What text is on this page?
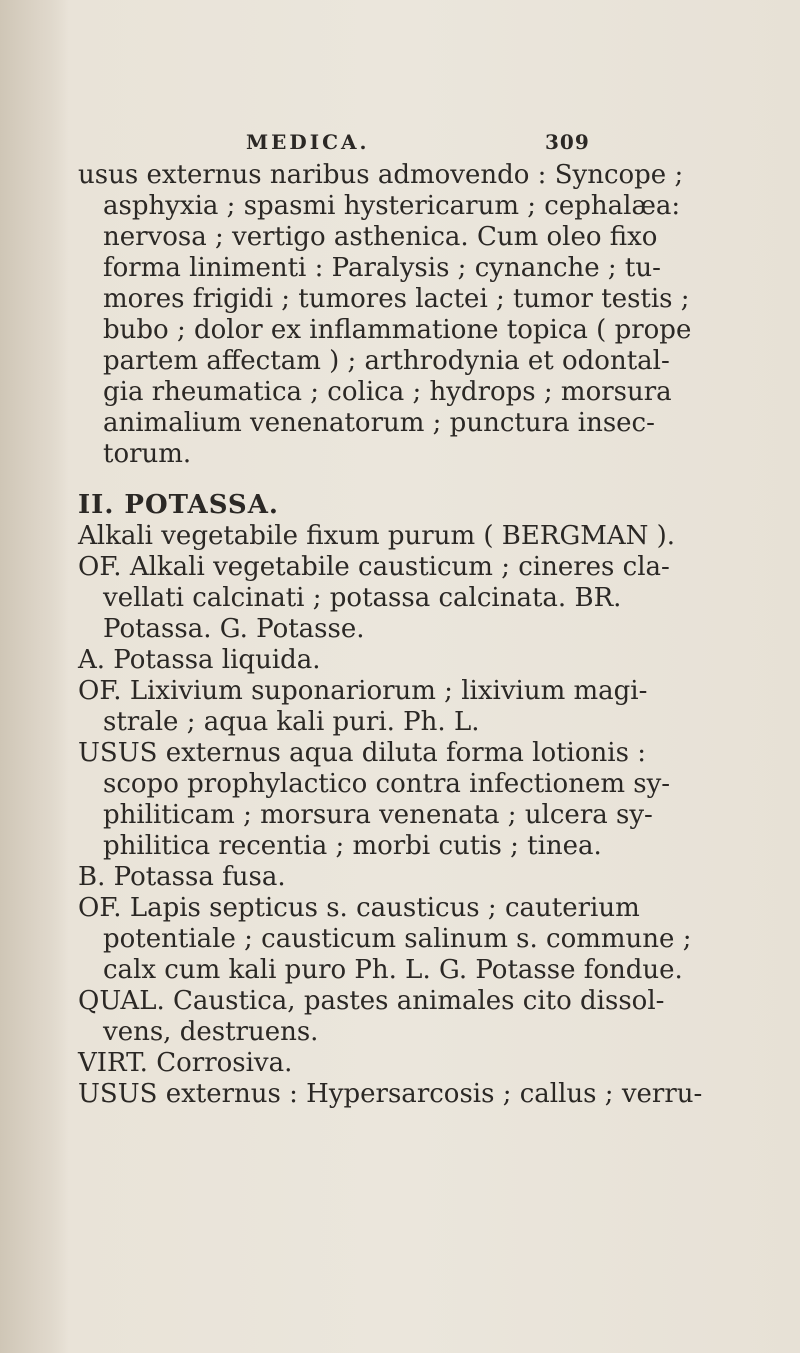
MEDICA.	309
usus externus naribus admovendo : Syncope ;
asphyxia ; spasmi hystericarum ; cephalæa:
nervosa ; vertigo asthenica. Cum oleo fixo
forma linimenti : Paralysis ; cynanche ; tu-
mores frigidi ; tumores lactei ; tumor testis ;
bubo ; dolor ex inflammatione topica ( prope
partem affectam ) ; arthrodynia et odontal-
gia rheumatica ; colica ; hydrops ; morsura
animalium venenatorum ; punctura insec-
torum.
II. POTASSA.
Alkali vegetabile fixum purum ( BERGMAN ).
OF. Alkali vegetabile causticum ; cineres cla-
vellati calcinati ; potassa calcinata. BR.
Potassa. G. Potasse.
A. Potassa liquida.
OF. Lixivium suponariorum ; lixivium magi-
strale ; aqua kali puri. Ph. L.
USUS externus aqua diluta forma lotionis :
scopo prophylactico contra infectionem sy-
philiticam ; morsura venenata ; ulcera sy-
philitica recentia ; morbi cutis ; tinea.
B. Potassa fusa.
OF. Lapis septicus s. causticus ; cauterium
potentiale ; causticum salinum s. commune ;
calx cum kali puro Ph. L. G. Potasse fondue.
QUAL. Caustica, pastes animales cito dissol-
vens, destruens.
VIRT. Corrosiva.
USUS externus : Hypersarcosis ; callus ; verru-
